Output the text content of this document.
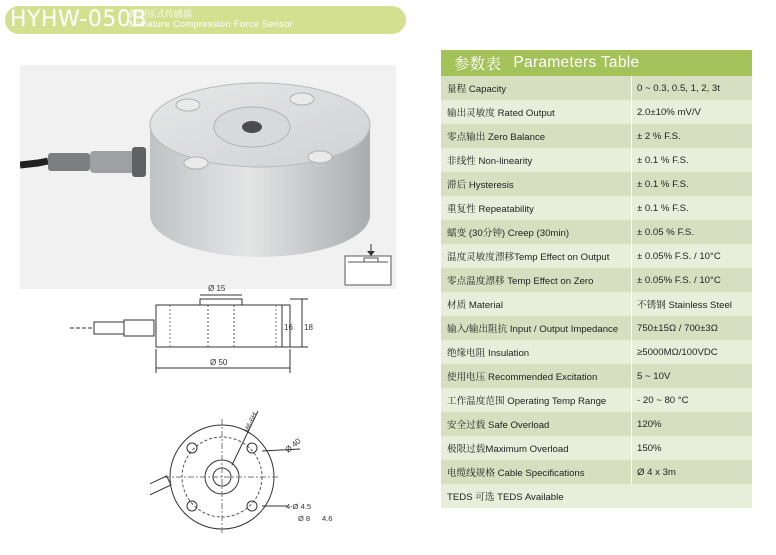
HYHW-050B
微型压式传感器
Miniature Compression Force Sensor
Ø 15
Ø 50
16 18
M6-6H
Ø 40
4-Ø 4.5
Ø 8 4.6
参数表 Parameters Table
量程 Capacity	0 ~ 0.3, 0.5, 1, 2, 3t
输出灵敏度 Rated Output	2.0±10% mV/V
零点输出 Zero Balance	± 2 % F.S.
非线性 Non-linearity	± 0.1 % F.S.
滞后 Hysteresis	± 0.1 % F.S.
重复性 Repeatability	± 0.1 % F.S.
蠕变 (30分钟) Creep (30min)	± 0.05 % F.S.
温度灵敏度漂移Temp Effect on Output	± 0.05% F.S. / 10°C
零点温度漂移 Temp Effect on Zero	± 0.05% F.S. / 10°C
材质 Material	不锈钢 Stainless Steel
输入/输出阻抗 Input / Output Impedance	750±15Ω / 700±3Ω
绝缘电阻 Insulation	≥5000MΩ/100VDC
使用电压 Recommended Excitation	5 ~ 10V
工作温度范围 Operating Temp Range	- 20 ~ 80 °C
安全过载 Safe Overload	120%
极限过载Maximum Overload	150%
电缆线规格 Cable Specifications	Ø 4 x 3m
TEDS 可选 TEDS Available
